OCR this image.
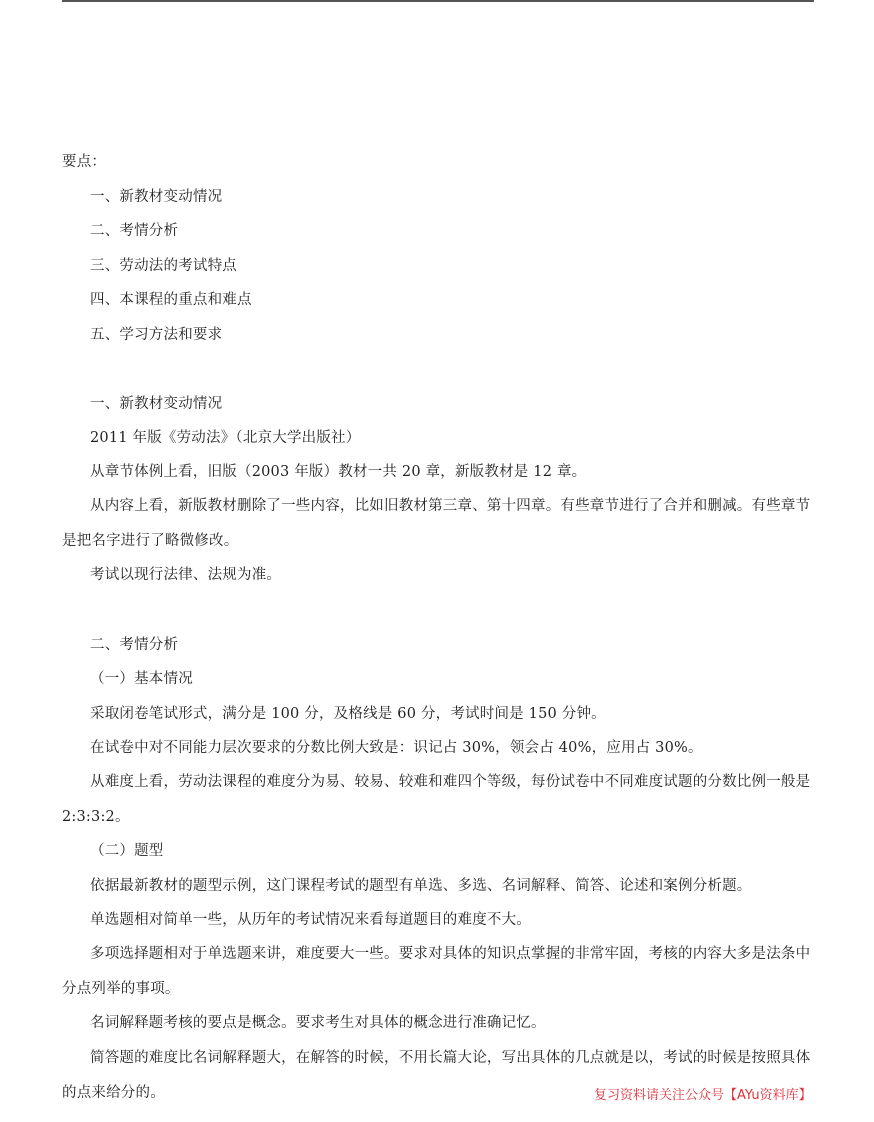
要点：

一、新教材变动情况

二、考情分析

三、劳动法的考试特点

四、本课程的重点和难点

五、学习方法和要求

一、新教材变动情况

2011 年版《劳动法》（北京大学出版社）

从章节体例上看，旧版（2003 年版）教材一共 20 章，新版教材是 12 章。

从内容上看，新版教材删除了一些内容，比如旧教材第三章、第十四章。有些章节进行了合并和删减。有些章节是把名字进行了略微修改。

考试以现行法律、法规为准。

二、考情分析

（一）基本情况

采取闭卷笔试形式，满分是 100 分，及格线是 60 分，考试时间是 150 分钟。

在试卷中对不同能力层次要求的分数比例大致是：识记占 30%，领会占 40%，应用占 30%。

从难度上看，劳动法课程的难度分为易、较易、较难和难四个等级，每份试卷中不同难度试题的分数比例一般是 2:3:3:2。

（二）题型

依据最新教材的题型示例，这门课程考试的题型有单选、多选、名词解释、简答、论述和案例分析题。

单选题相对简单一些，从历年的考试情况来看每道题目的难度不大。

多项选择题相对于单选题来讲，难度要大一些。要求对具体的知识点掌握的非常牢固，考核的内容大多是法条中分点列举的事项。

名词解释题考核的要点是概念。要求考生对具体的概念进行准确记忆。

简答题的难度比名词解释题大，在解答的时候，不用长篇大论，写出具体的几点就是以，考试的时候是按照具体的点来给分的。	复习资料请关注公众号【AYu资料库】
